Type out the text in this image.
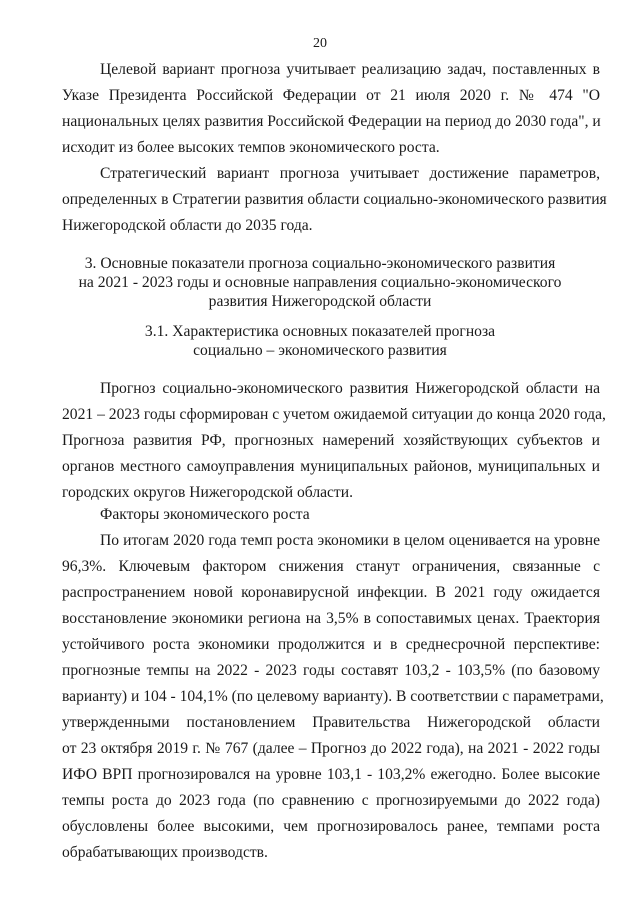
20
Целевой вариант прогноза учитывает реализацию задач, поставленных в
Указе Президента Российской Федерации от 21 июля 2020 г. № 474 "О
национальных целях развития Российской Федерации на период до 2030 года", и
исходит из более высоких темпов экономического роста.
Стратегический вариант прогноза учитывает достижение параметров,
определенных в Стратегии развития области социально-экономического развития
Нижегородской области до 2035 года.
3. Основные показатели прогноза социально-экономического развития
на 2021 - 2023 годы и основные направления социально-экономического
развития Нижегородской области
3.1. Характеристика основных показателей прогноза
социально – экономического развития
Прогноз социально-экономического развития Нижегородской области на
2021 – 2023 годы сформирован с учетом ожидаемой ситуации до конца 2020 года,
Прогноза развития РФ, прогнозных намерений хозяйствующих субъектов и
органов местного самоуправления муниципальных районов, муниципальных и
городских округов Нижегородской области.
Факторы экономического роста
По итогам 2020 года темп роста экономики в целом оценивается на уровне
96,3%. Ключевым фактором снижения станут ограничения, связанные с
распространением новой коронавирусной инфекции. В 2021 году ожидается
восстановление экономики региона на 3,5% в сопоставимых ценах. Траектория
устойчивого роста экономики продолжится и в среднесрочной перспективе:
прогнозные темпы на 2022 - 2023 годы составят 103,2 - 103,5% (по базовому
варианту) и 104 - 104,1% (по целевому варианту). В соответствии с параметрами,
утвержденными постановлением Правительства Нижегородской области
от 23 октября 2019 г. № 767 (далее – Прогноз до 2022 года), на 2021 - 2022 годы
ИФО ВРП прогнозировался на уровне 103,1 - 103,2% ежегодно. Более высокие
темпы роста до 2023 года (по сравнению с прогнозируемыми до 2022 года)
обусловлены более высокими, чем прогнозировалось ранее, темпами роста
обрабатывающих производств.
